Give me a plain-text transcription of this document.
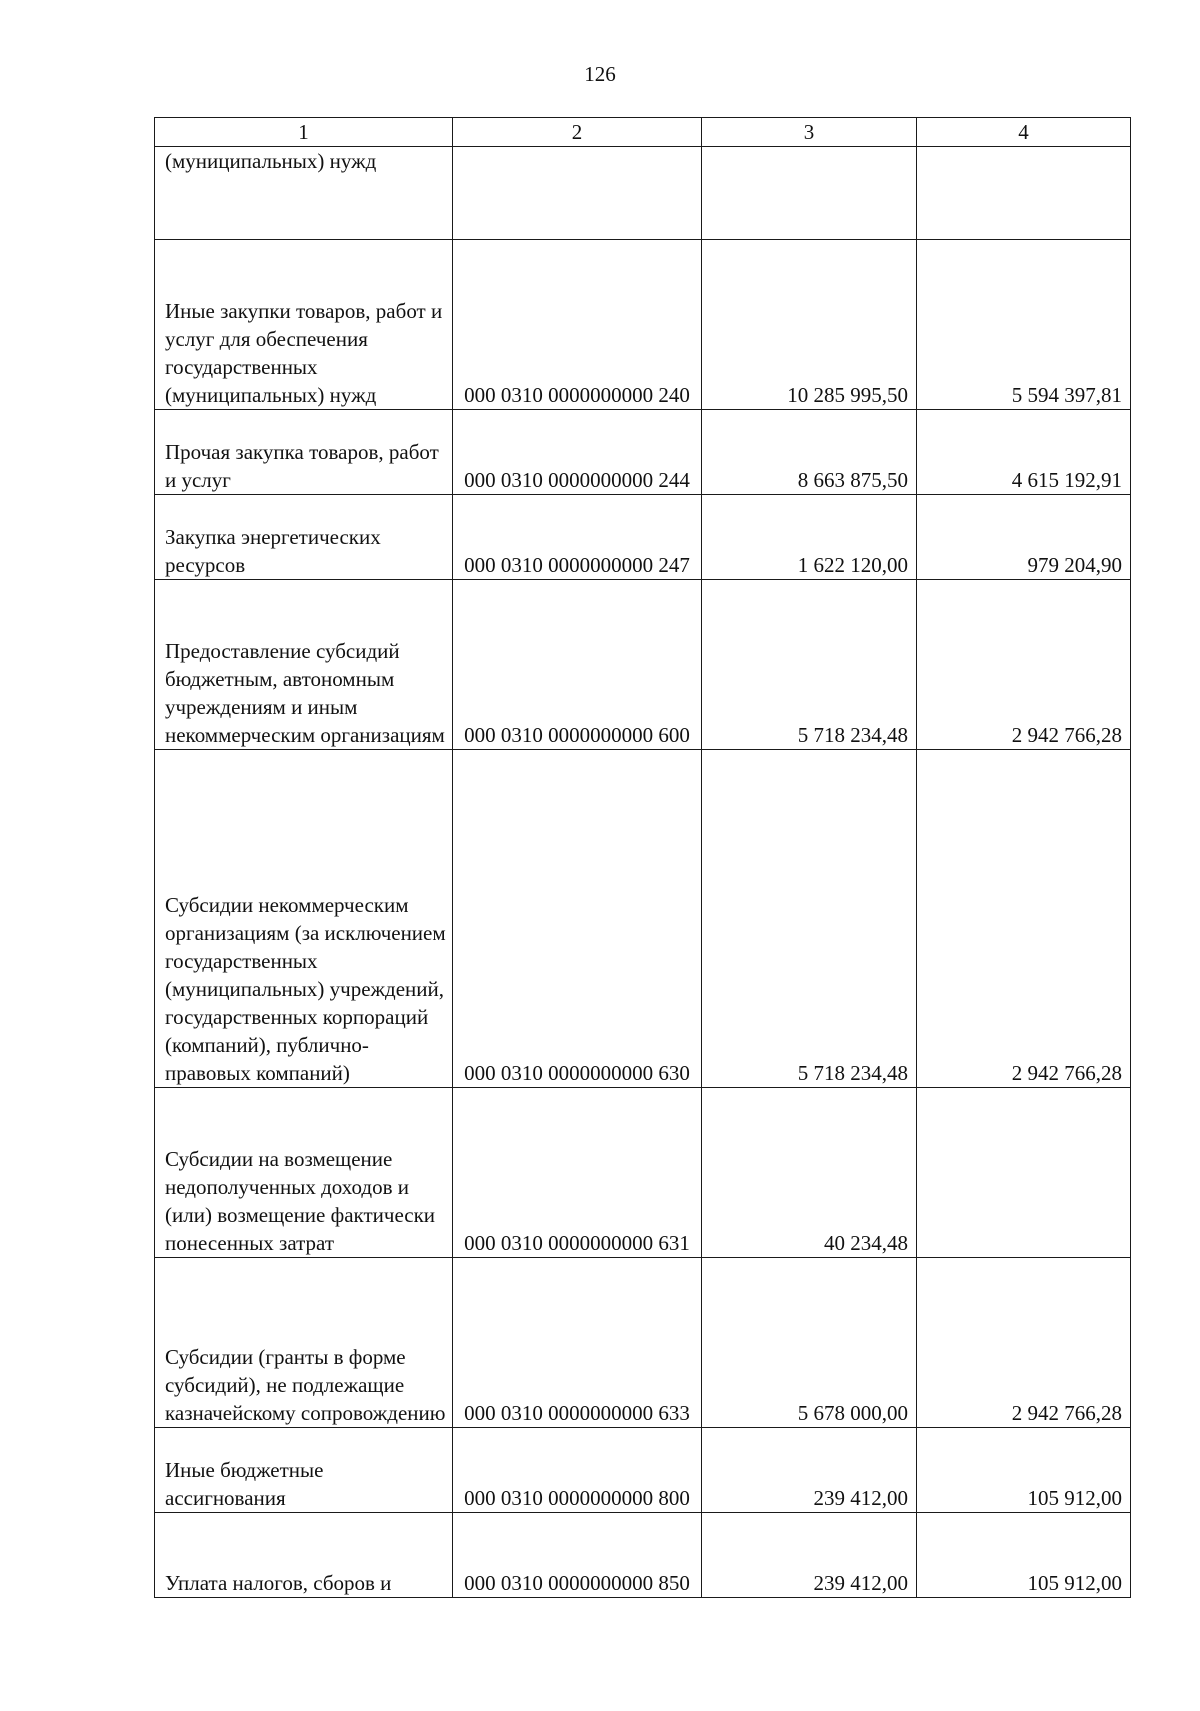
126
1	2	3	4
(муниципальных) нужд			
Иные закупки товаров, работ и услуг для обеспечения государственных (муниципальных) нужд	000 0310 0000000000 240	10 285 995,50	5 594 397,81
Прочая закупка товаров, работ и услуг	000 0310 0000000000 244	8 663 875,50	4 615 192,91
Закупка энергетических ресурсов	000 0310 0000000000 247	1 622 120,00	979 204,90
Предоставление субсидий бюджетным, автономным учреждениям и иным некоммерческим организациям	000 0310 0000000000 600	5 718 234,48	2 942 766,28
Субсидии некоммерческим организациям (за исключением государственных (муниципальных) учреждений, государственных корпораций (компаний), публично-правовых компаний)	000 0310 0000000000 630	5 718 234,48	2 942 766,28
Субсидии на возмещение недополученных доходов и (или) возмещение фактически понесенных затрат	000 0310 0000000000 631	40 234,48	
Субсидии (гранты в форме субсидий), не подлежащие казначейскому сопровождению	000 0310 0000000000 633	5 678 000,00	2 942 766,28
Иные бюджетные ассигнования	000 0310 0000000000 800	239 412,00	105 912,00
Уплата налогов, сборов и	000 0310 0000000000 850	239 412,00	105 912,00
